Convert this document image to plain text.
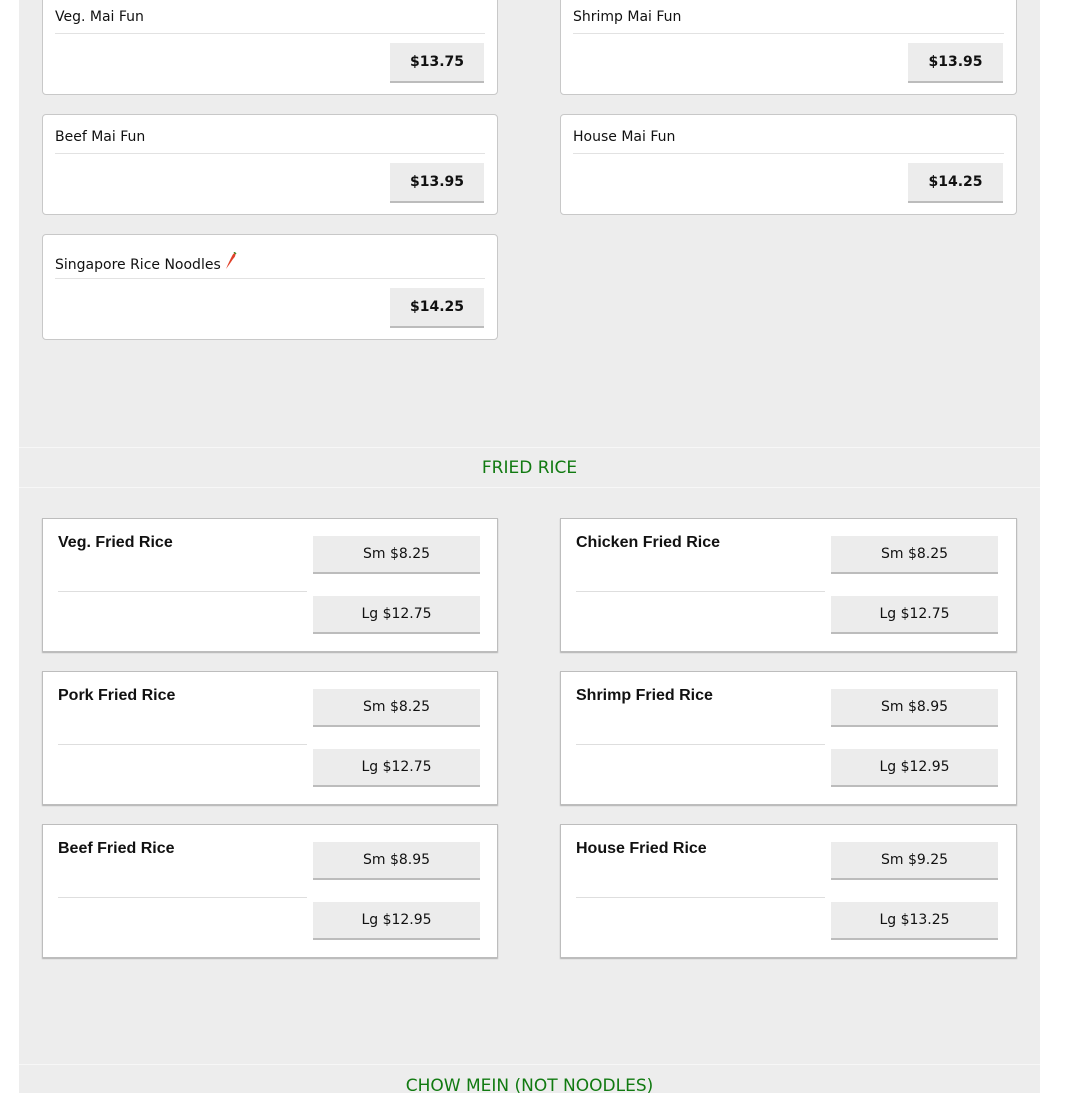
Veg. Mai Fun
$13.75
Shrimp Mai Fun
$13.95
Beef Mai Fun
$13.95
House Mai Fun
$14.25
Singapore Rice Noodles
$14.25
FRIED RICE
Veg. Fried Rice
Sm $8.25
Lg $12.75
Chicken Fried Rice
Sm $8.25
Lg $12.75
Pork Fried Rice
Sm $8.25
Lg $12.75
Shrimp Fried Rice
Sm $8.95
Lg $12.95
Beef Fried Rice
Sm $8.95
Lg $12.95
House Fried Rice
Sm $9.25
Lg $13.25
CHOW MEIN (NOT NOODLES)
